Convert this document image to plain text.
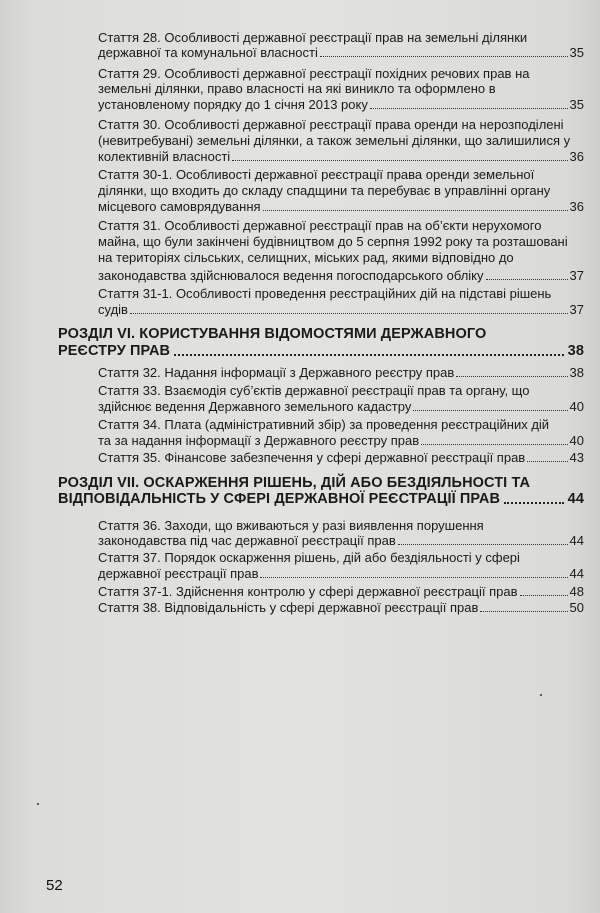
Стаття 28. Особливості державної реєстрації прав на земельні ділянки
державної та комунальної власності	35
Стаття 29. Особливості державної реєстрації похідних речових прав на
земельні ділянки, право власності на які виникло та оформлено в
установленому порядку до 1 січня 2013 року	35
Стаття 30. Особливості державної реєстрації права оренди на нерозподілені
(невитребувані) земельні ділянки, а також земельні ділянки, що залишилися у
колективній власності	36
Стаття 30-1. Особливості державної реєстрації права оренди земельної
ділянки, що входить до складу спадщини та перебуває в управлінні органу
місцевого самоврядування	36
Стаття 31. Особливості державної реєстрації прав на об’єкти нерухомого
майна, що були закінчені будівництвом до 5 серпня 1992 року та розташовані
на територіях сільських, селищних, міських рад, якими відповідно до
законодавства здійснювалося ведення погосподарського обліку	37
Стаття 31-1. Особливості проведення реєстраційних дій на підставі рішень
судів	37
РОЗДІЛ VI. КОРИСТУВАННЯ ВІДОМОСТЯМИ ДЕРЖАВНОГО
РЕЄСТРУ ПРАВ	38
Стаття 32. Надання інформації з Державного реєстру прав	38
Стаття 33. Взаємодія суб’єктів державної реєстрації прав та органу, що
здійснює ведення Державного земельного кадастру	40
Стаття 34. Плата (адміністративний збір) за проведення реєстраційних дій
та за надання інформації з Державного реєстру прав	40
Стаття 35. Фінансове забезпечення у сфері державної реєстрації прав	43
РОЗДІЛ VII. ОСКАРЖЕННЯ РІШЕНЬ, ДІЙ АБО БЕЗДІЯЛЬНОСТІ ТА
ВІДПОВІДАЛЬНІСТЬ У СФЕРІ ДЕРЖАВНОЇ РЕЄСТРАЦІЇ ПРАВ	44
Стаття 36. Заходи, що вживаються у разі виявлення порушення
законодавства під час державної реєстрації прав	44
Стаття 37. Порядок оскарження рішень, дій або бездіяльності у сфері
державної реєстрації прав	44
Стаття 37-1. Здійснення контролю у сфері державної реєстрації прав	48
Стаття 38. Відповідальність у сфері державної реєстрації прав	50
52
